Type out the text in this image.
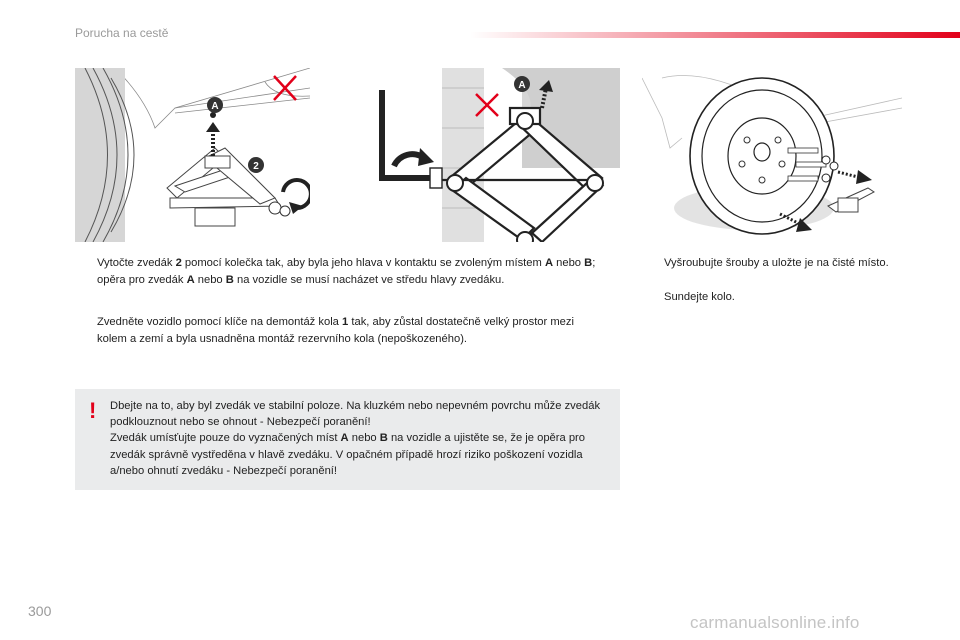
Porucha na cestě
A
2
A
Vytočte zvedák 2 pomocí kolečka tak, aby byla jeho hlava v kontaktu se zvoleným místem A nebo B; opěra pro zvedák A nebo B na vozidle se musí nacházet ve středu hlavy zvedáku.
Zvedněte vozidlo pomocí klíče na demontáž kola 1 tak, aby zůstal dostatečně velký prostor mezi kolem a zemí a byla usnadněna montáž rezervního kola (nepoškozeného).
Vyšroubujte šrouby a uložte je na čisté místo.
Sundejte kolo.
! Dbejte na to, aby byl zvedák ve stabilní poloze. Na kluzkém nebo nepevném povrchu může zvedák podklouznout nebo se ohnout - Nebezpečí poranění!

Zvedák umísťujte pouze do vyznačených míst A nebo B na vozidle a ujistěte se, že je opěra pro zvedák správně vystředěna v hlavě zvedáku. V opačném případě hrozí riziko poškození vozidla a/nebo ohnutí zvedáku - Nebezpečí poranění!

300
carmanualsonline.info
